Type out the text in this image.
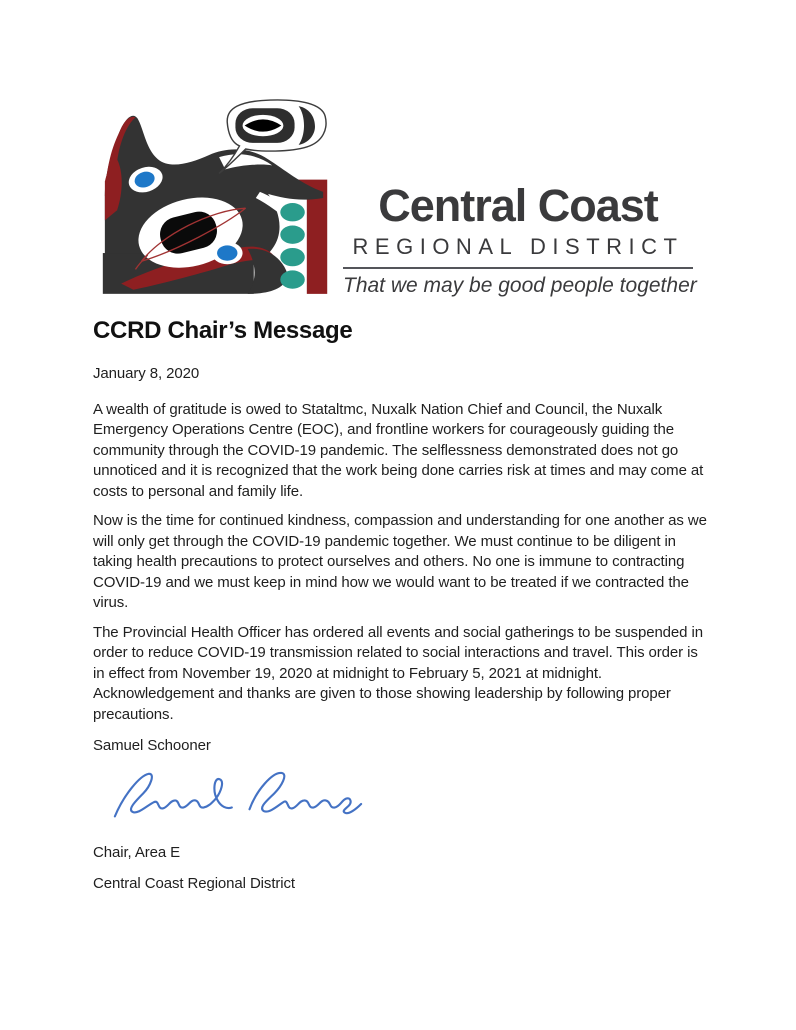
Central Coast
REGIONAL DISTRICT
That we may be good people together
CCRD Chair’s Message

January 8, 2020

A wealth of gratitude is owed to Stataltmc, Nuxalk Nation Chief and Council, the Nuxalk Emergency Operations Centre (EOC), and frontline workers for courageously guiding the community through the COVID-19 pandemic. The selflessness demonstrated does not go unnoticed and it is recognized that the work being done carries risk at times and may come at costs to personal and family life.

Now is the time for continued kindness, compassion and understanding for one another as we will only get through the COVID-19 pandemic together. We must continue to be diligent in taking health precautions to protect ourselves and others. No one is immune to contracting COVID-19 and we must keep in mind how we would want to be treated if we contracted the virus.

The Provincial Health Officer has ordered all events and social gatherings to be suspended in order to reduce COVID-19 transmission related to social interactions and travel. This order is in effect from November 19, 2020 at midnight to February 5, 2021 at midnight. Acknowledgement and thanks are given to those showing leadership by following proper precautions.

Samuel Schooner

Chair, Area E

Central Coast Regional District
